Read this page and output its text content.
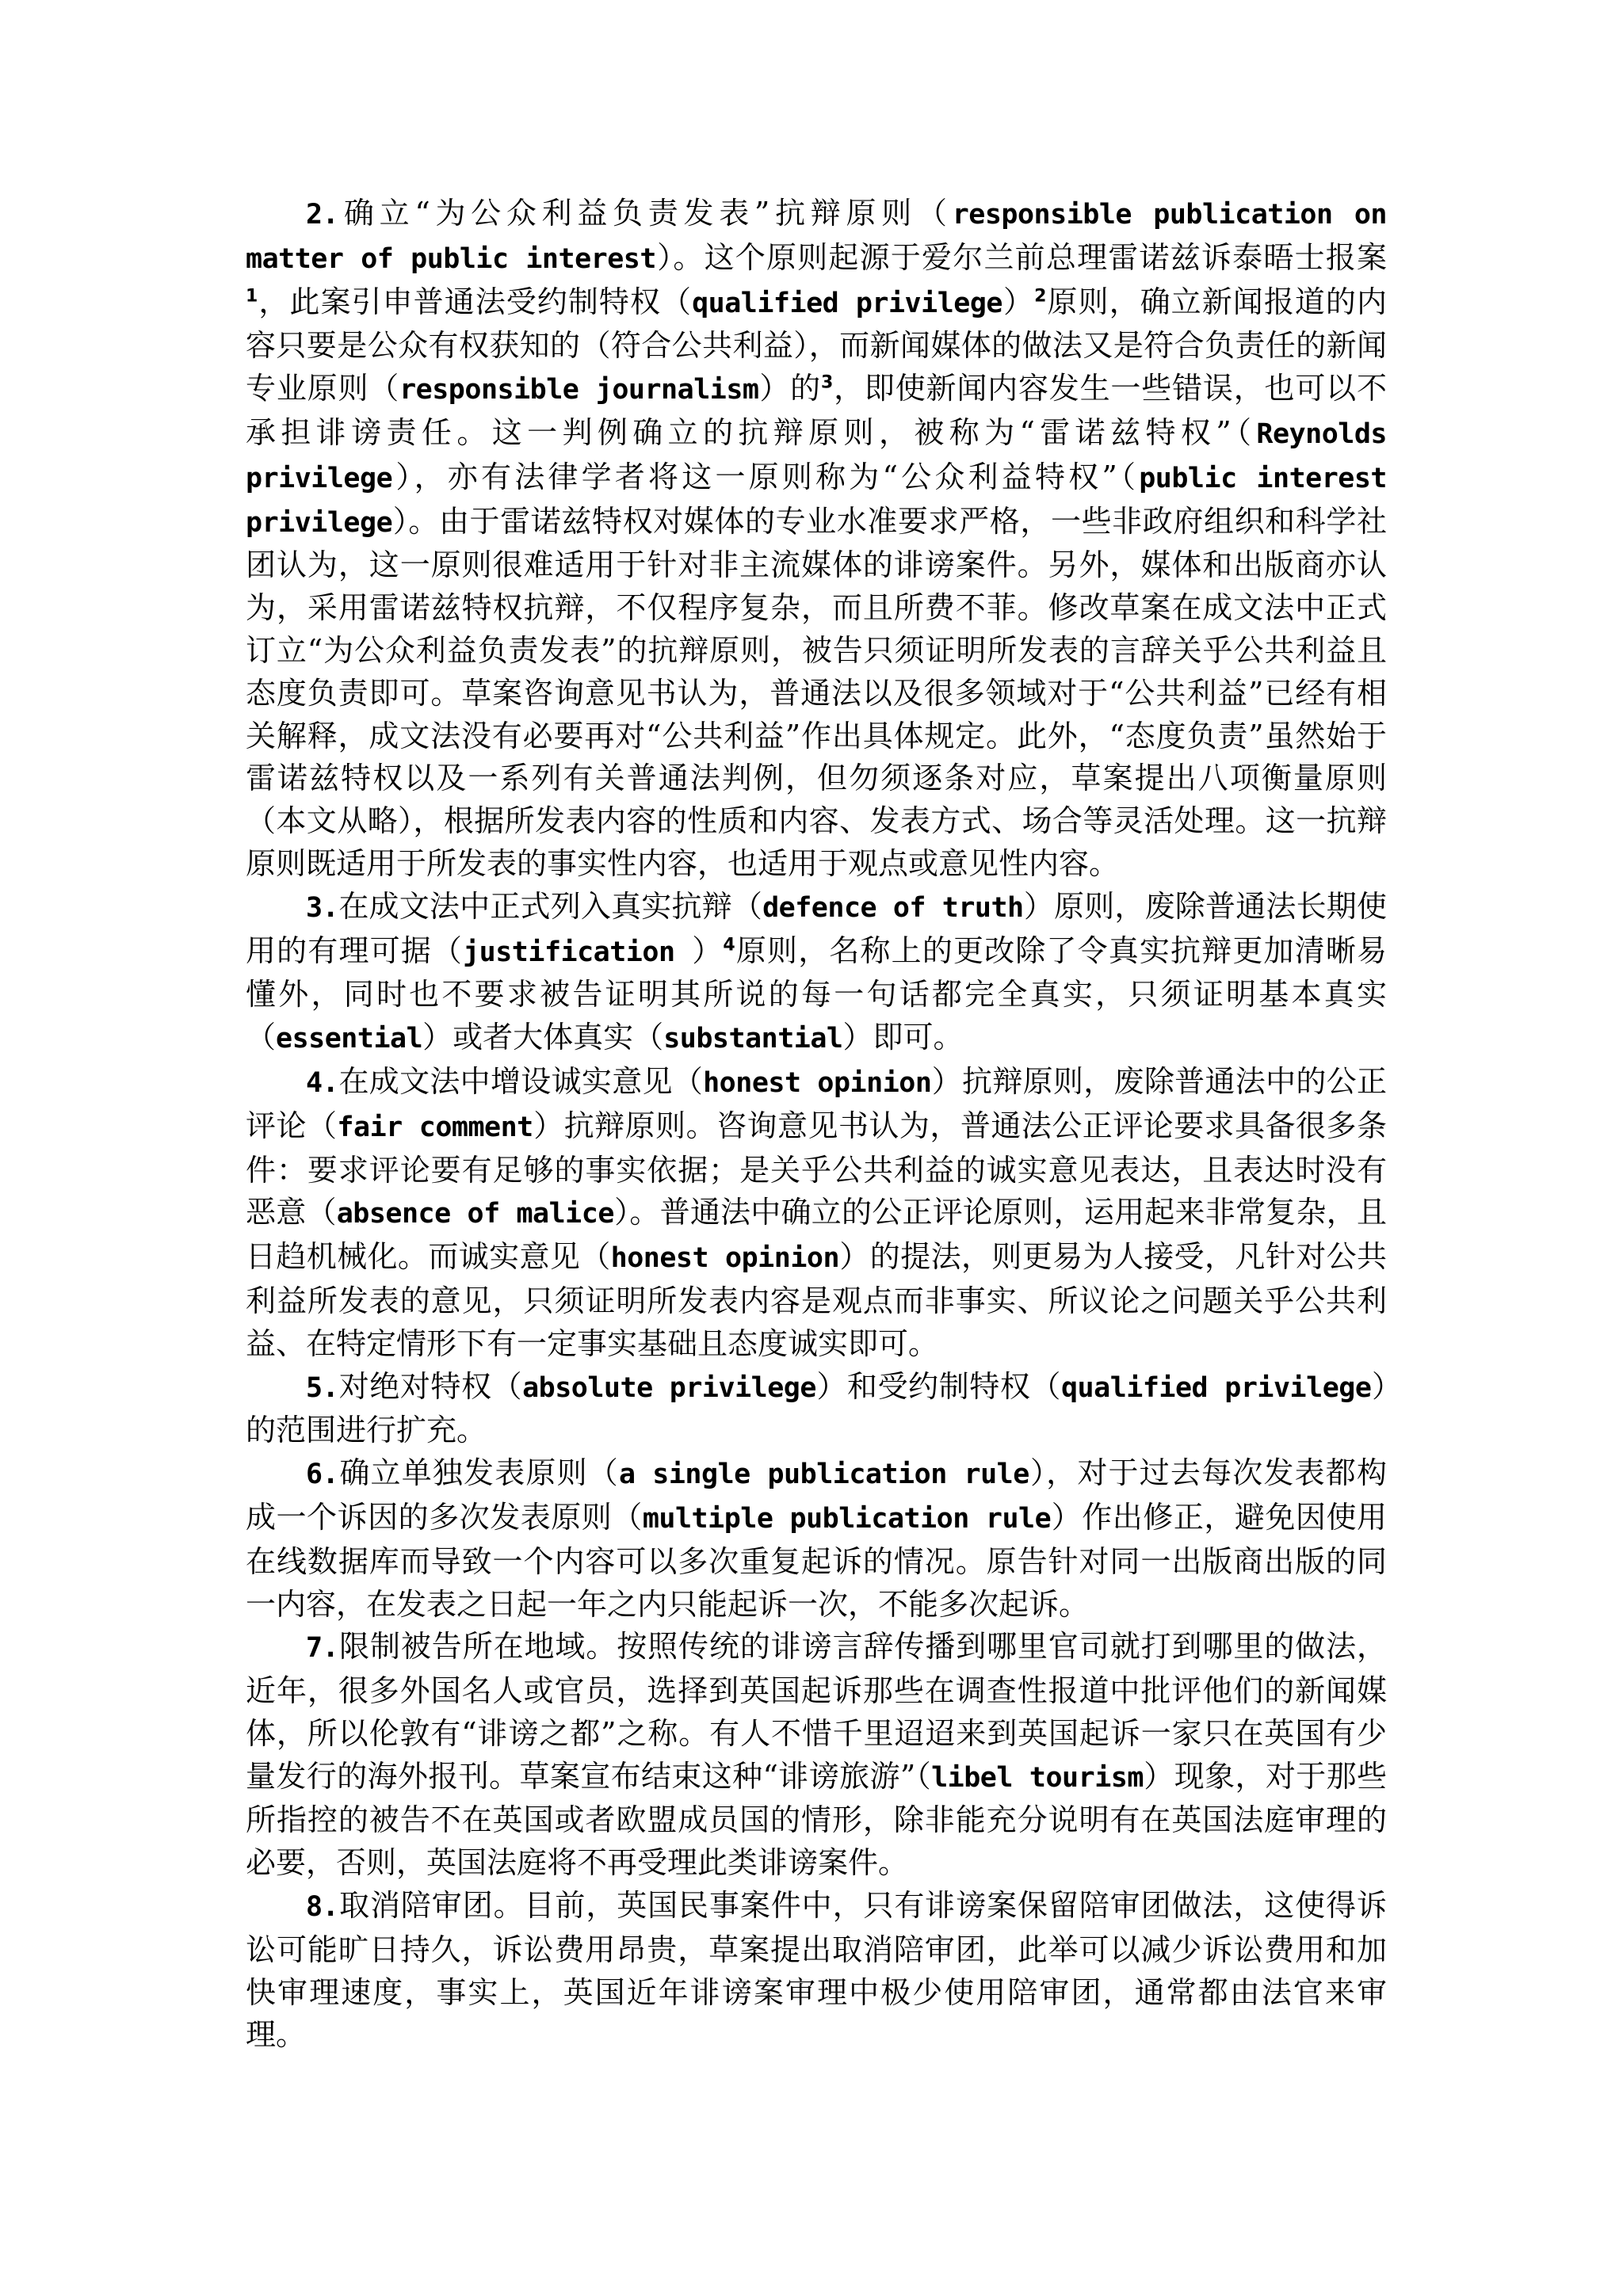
2.确立“为公众利益负责发表”抗辩原则（responsible publication on matter of public interest）。这个原则起源于爱尔兰前总理雷诺兹诉泰晤士报案$^1$，此案引申普通法受约制特权（qualified privilege）$^2$原则，确立新闻报道的内容只要是公众有权获知的（符合公共利益），而新闻媒体的做法又是符合负责任的新闻专业原则（responsible journalism）的$^3$，即使新闻内容发生一些错误，也可以不承担诽谤责任。这一判例确立的抗辩原则，被称为“雷诺兹特权”（Reynolds privilege），亦有法律学者将这一原则称为“公众利益特权”（public interest privilege）。由于雷诺兹特权对媒体的专业水准要求严格，一些非政府组织和科学社团认为，这一原则很难适用于针对非主流媒体的诽谤案件。另外，媒体和出版商亦认为，采用雷诺兹特权抗辩，不仅程序复杂，而且所费不菲。修改草案在成文法中正式订立“为公众利益负责发表”的抗辩原则，被告只须证明所发表的言辞关乎公共利益且态度负责即可。草案咨询意见书认为，普通法以及很多领域对于“公共利益”已经有相关解释，成文法没有必要再对“公共利益”作出具体规定。此外，“态度负责”虽然始于雷诺兹特权以及一系列有关普通法判例，但勿须逐条对应，草案提出八项衡量原则（本文从略），根据所发表内容的性质和内容、发表方式、场合等灵活处理。这一抗辩原则既适用于所发表的事实性内容，也适用于观点或意见性内容。

3.在成文法中正式列入真实抗辩（defence of truth）原则，废除普通法长期使用的有理可据（justification ）$^4$原则，名称上的更改除了令真实抗辩更加清晰易懂外，同时也不要求被告证明其所说的每一句话都完全真实，只须证明基本真实（essential）或者大体真实（substantial）即可。

4.在成文法中增设诚实意见（honest opinion）抗辩原则，废除普通法中的公正评论（fair comment）抗辩原则。咨询意见书认为，普通法公正评论要求具备很多条件：要求评论要有足够的事实依据；是关乎公共利益的诚实意见表达，且表达时没有恶意（absence of malice）。普通法中确立的公正评论原则，运用起来非常复杂，且日趋机械化。而诚实意见（honest opinion）的提法，则更易为人接受，凡针对公共利益所发表的意见，只须证明所发表内容是观点而非事实、所议论之问题关乎公共利益、在特定情形下有一定事实基础且态度诚实即可。

5.对绝对特权（absolute privilege）和受约制特权（qualified privilege）的范围进行扩充。

6.确立单独发表原则（a single publication rule），对于过去每次发表都构成一个诉因的多次发表原则（multiple publication rule）作出修正，避免因使用在线数据库而导致一个内容可以多次重复起诉的情况。原告针对同一出版商出版的同一内容，在发表之日起一年之内只能起诉一次，不能多次起诉。

7.限制被告所在地域。按照传统的诽谤言辞传播到哪里官司就打到哪里的做法，近年，很多外国名人或官员，选择到英国起诉那些在调查性报道中批评他们的新闻媒体，所以伦敦有“诽谤之都”之称。有人不惜千里迢迢来到英国起诉一家只在英国有少量发行的海外报刊。草案宣布结束这种“诽谤旅游”（libel tourism）现象，对于那些所指控的被告不在英国或者欧盟成员国的情形，除非能充分说明有在英国法庭审理的必要，否则，英国法庭将不再受理此类诽谤案件。

8.取消陪审团。目前，英国民事案件中，只有诽谤案保留陪审团做法，这使得诉讼可能旷日持久，诉讼费用昂贵，草案提出取消陪审团，此举可以减少诉讼费用和加快审理速度，事实上，英国近年诽谤案审理中极少使用陪审团，通常都由法官来审理。
